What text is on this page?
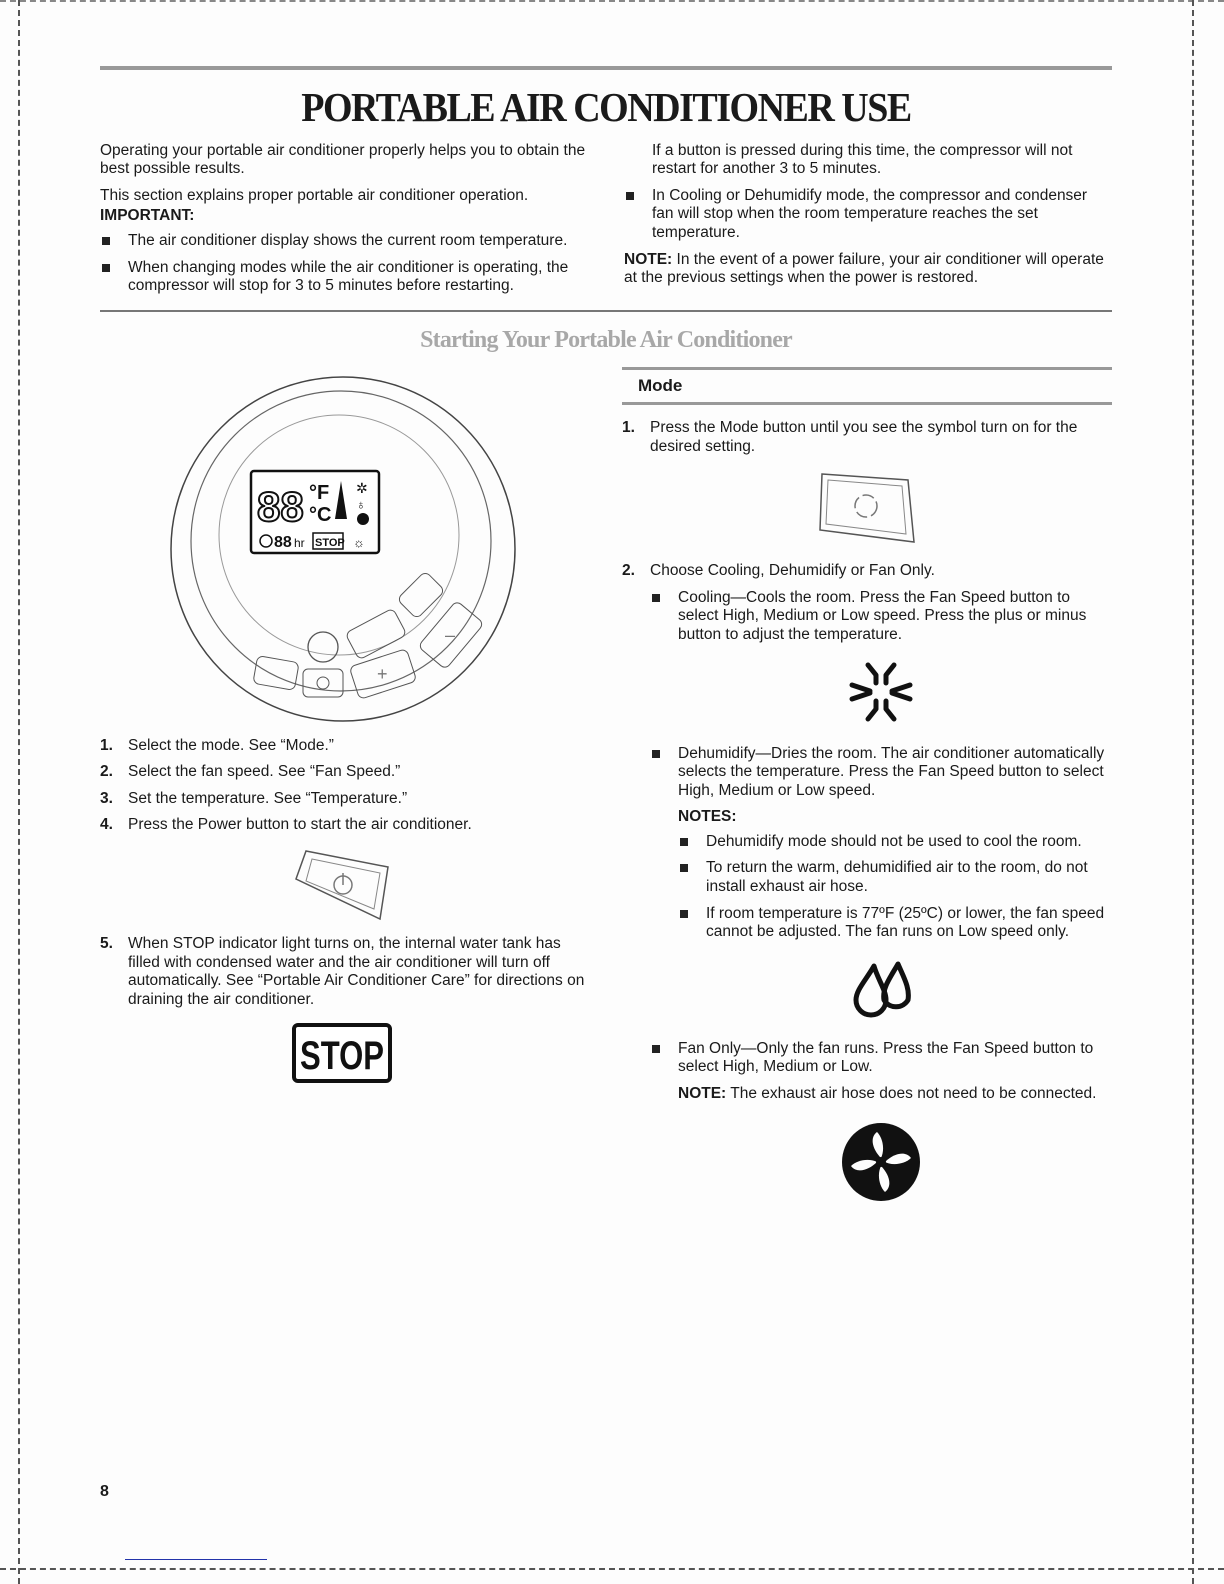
PORTABLE AIR CONDITIONER USE

Operating your portable air conditioner properly helps you to obtain the best possible results.

This section explains proper portable air conditioner operation.

IMPORTANT:

The air conditioner display shows the current room temperature.
When changing modes while the air conditioner is operating, the compressor will stop for 3 to 5 minutes before restarting.

If a button is pressed during this time, the compressor will not restart for another 3 to 5 minutes.

In Cooling or Dehumidify mode, the compressor and condenser fan will stop when the room temperature reaches the set temperature.

NOTE: In the event of a power failure, your air conditioner will operate at the previous settings when the power is restored.

Starting Your Portable Air Conditioner
88 °F
°C
✲
♁
88 hr STOP ☼
+
–
1. Select the mode. See “Mode.”
2. Select the fan speed. See “Fan Speed.”
3. Set the temperature. See “Temperature.”
4. Press the Power button to start the air conditioner.
5. When STOP indicator light turns on, the internal water tank has filled with condensed water and the air conditioner will turn off automatically. See “Portable Air Conditioner Care” for directions on draining the air conditioner.
STOP
Mode
1. Press the Mode button until you see the symbol turn on for the desired setting.
2. Choose Cooling, Dehumidify or Fan Only.
Cooling—Cools the room. Press the Fan Speed button to select High, Medium or Low speed. Press the plus or minus button to adjust the temperature.
Dehumidify—Dries the room. The air conditioner automatically selects the temperature. Press the Fan Speed button to select High, Medium or Low speed.

NOTES:

Dehumidify mode should not be used to cool the room.
To return the warm, dehumidified air to the room, do not install exhaust air hose.
If room temperature is 77ºF (25ºC) or lower, the fan speed cannot be adjusted. The fan runs on Low speed only.
Fan Only—Only the fan runs. Press the Fan Speed button to select High, Medium or Low.

NOTE: The exhaust air hose does not need to be connected.

8
